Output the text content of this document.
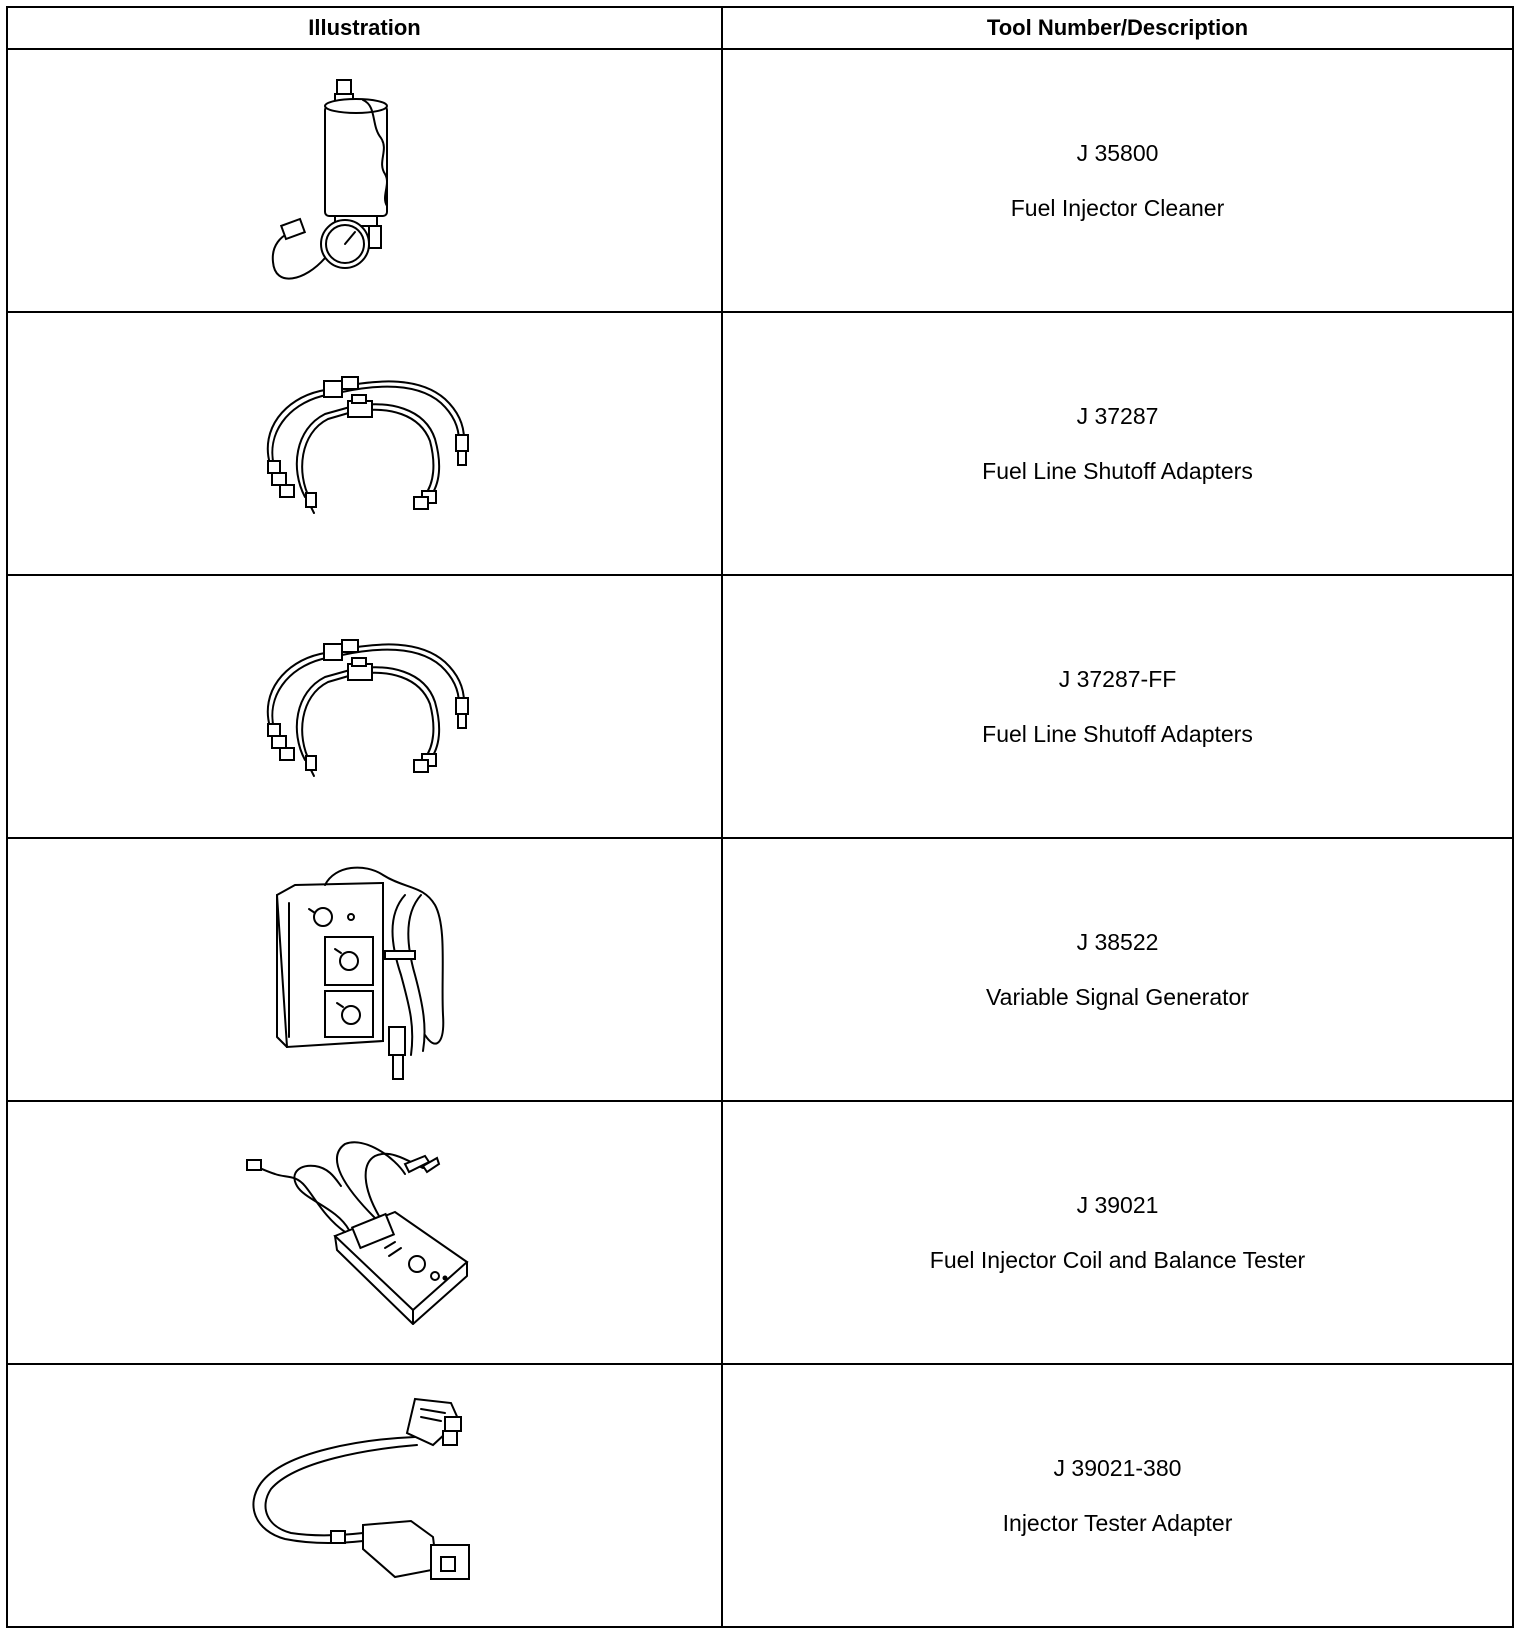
Illustration	Tool Number/Description

J 35800
Fuel Injector Cleaner

J 37287
Fuel Line Shutoff Adapters

J 37287-FF
Fuel Line Shutoff Adapters

J 38522
Variable Signal Generator

J 39021
Fuel Injector Coil and Balance Tester

J 39021-380
Injector Tester Adapter
